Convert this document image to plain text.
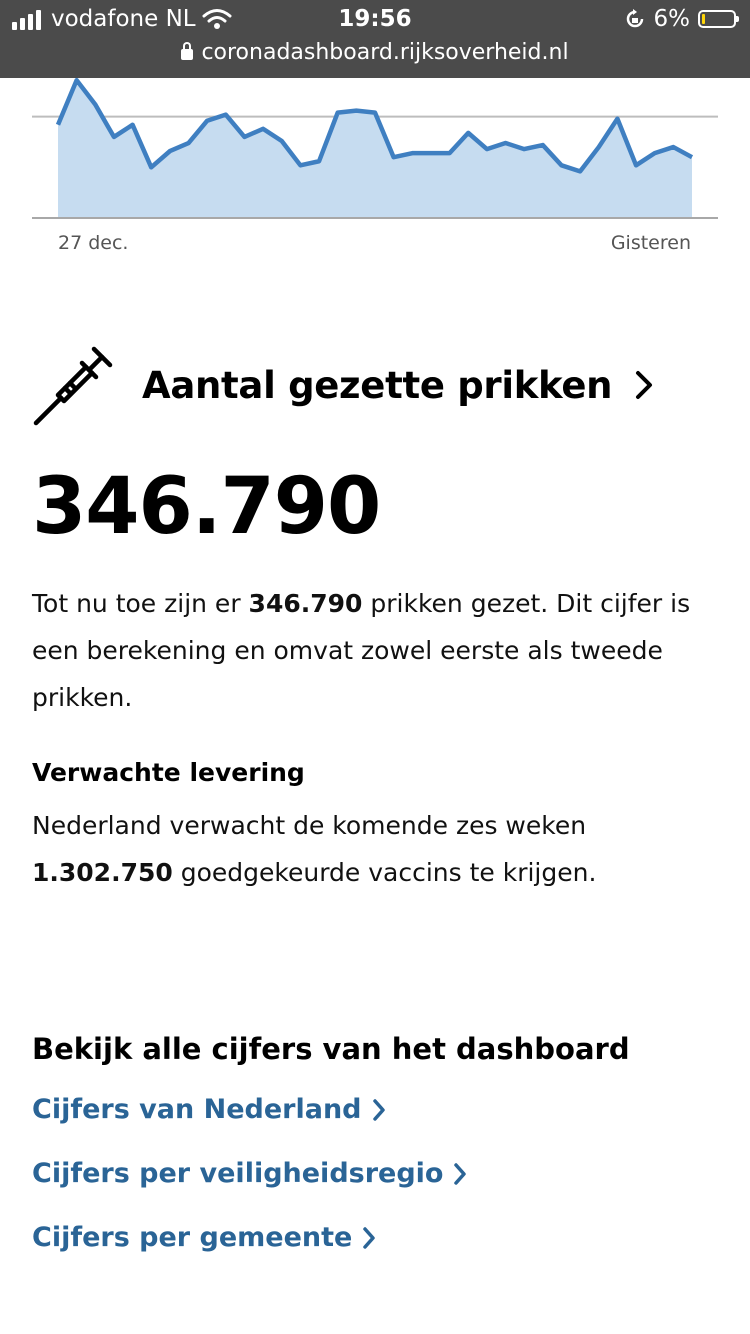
vodafone NL	19:56	6%
coronadashboard.rijksoverheid.nl
27 dec.	Gisteren
Aantal gezette prikken
346.790
Tot nu toe zijn er 346.790 prikken gezet. Dit cijfer is een berekening en omvat zowel eerste als tweede prikken.
Verwachte levering
Nederland verwacht de komende zes weken 1.302.750 goedgekeurde vaccins te krijgen.
Bekijk alle cijfers van het dashboard
Cijfers van Nederland
Cijfers per veiligheidsregio
Cijfers per gemeente
